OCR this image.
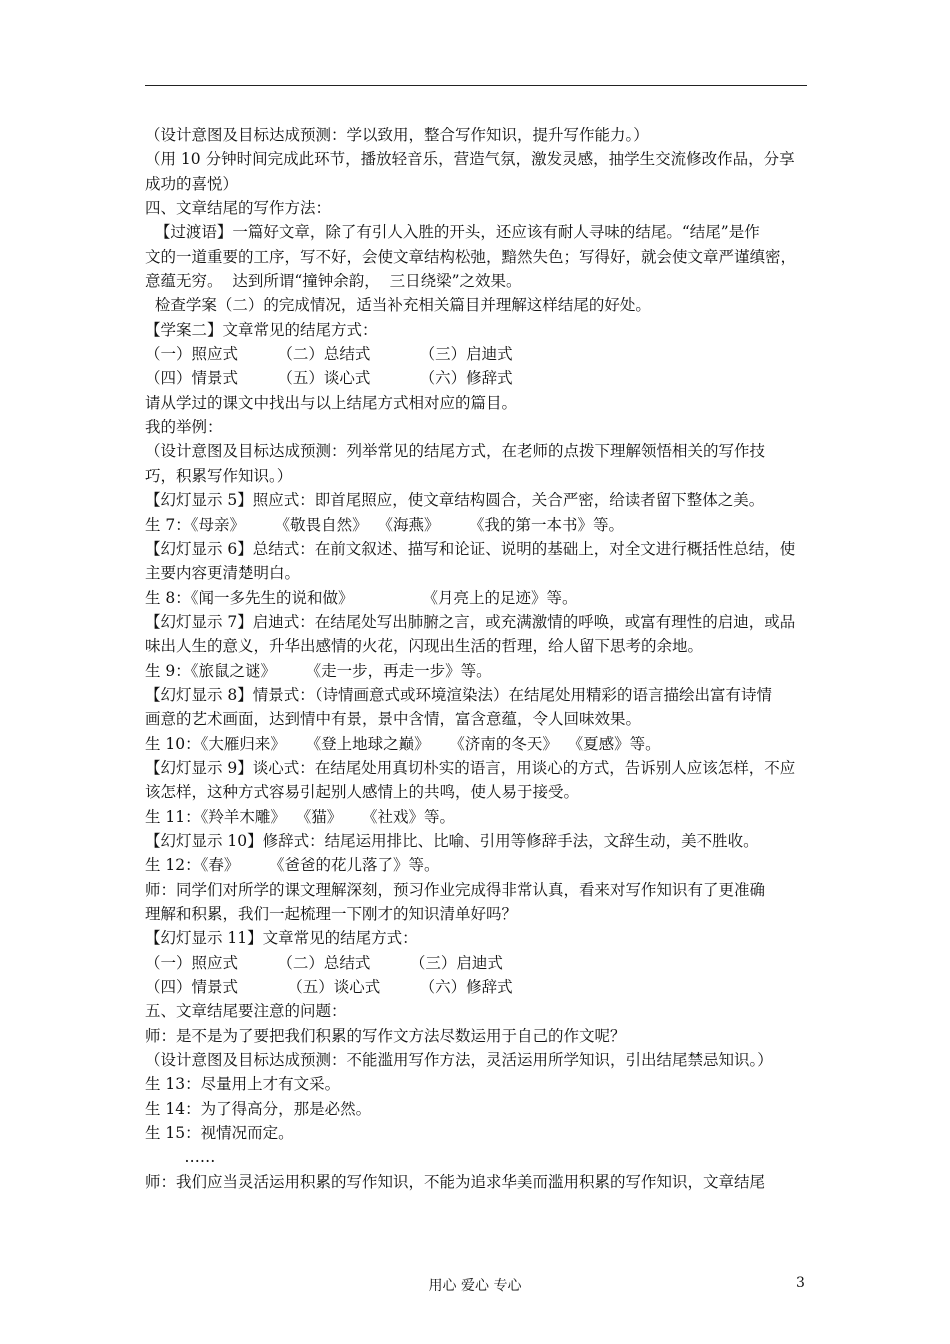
（设计意图及目标达成预测：学以致用，整合写作知识，提升写作能力。）
（用 10 分钟时间完成此环节，播放轻音乐，营造气氛，激发灵感，抽学生交流修改作品，分享
成功的喜悦）
四、文章结尾的写作方法：
【过渡语】一篇好文章，除了有引人入胜的开头，还应该有耐人寻味的结尾。“结尾”是作
文的一道重要的工序，写不好，会使文章结构松弛，黯然失色；写得好，就会使文章严谨缜密，
意蕴无穷。  达到所谓“撞钟余韵，  三日绕梁”之效果。
检查学案（二）的完成情况，适当补充相关篇目并理解这样结尾的好处。
【学案二】文章常见的结尾方式：
（一）照应式        （二）总结式          （三）启迪式
（四）情景式        （五）谈心式          （六）修辞式
请从学过的课文中找出与以上结尾方式相对应的篇目。
我的举例：
（设计意图及目标达成预测：列举常见的结尾方式，在老师的点拨下理解领悟相关的写作技
巧，积累写作知识。）
【幻灯显示 5】照应式：即首尾照应，使文章结构圆合，关合严密，给读者留下整体之美。
生 7：《母亲》      《敬畏自然》  《海燕》      《我的第一本书》等。
【幻灯显示 6】总结式：在前文叙述、描写和论证、说明的基础上，对全文进行概括性总结，使
主要内容更清楚明白。
生 8：《闻一多先生的说和做》              《月亮上的足迹》等。
【幻灯显示 7】启迪式：在结尾处写出肺腑之言，或充满激情的呼唤，或富有理性的启迪，或品
味出人生的意义，升华出感情的火花，闪现出生活的哲理，给人留下思考的余地。
生 9：《旅鼠之谜》      《走一步，再走一步》等。
【幻灯显示 8】情景式：（诗情画意式或环境渲染法）在结尾处用精彩的语言描绘出富有诗情
画意的艺术画面，达到情中有景，景中含情，富含意蕴，令人回味效果。
生 10：《大雁归来》    《登上地球之巅》    《济南的冬天》  《夏感》等。
【幻灯显示 9】谈心式：在结尾处用真切朴实的语言，用谈心的方式，告诉别人应该怎样，不应
该怎样，这种方式容易引起别人感情上的共鸣，使人易于接受。
生 11：《羚羊木雕》  《猫》    《社戏》等。
【幻灯显示 10】修辞式：结尾运用排比、比喻、引用等修辞手法，文辞生动，美不胜收。
生 12：《春》      《爸爸的花儿落了》等。
师：同学们对所学的课文理解深刻，预习作业完成得非常认真，看来对写作知识有了更准确
理解和积累，我们一起梳理一下刚才的知识清单好吗？
【幻灯显示 11】文章常见的结尾方式：
（一）照应式        （二）总结式        （三）启迪式
（四）情景式          （五）谈心式        （六）修辞式
五、文章结尾要注意的问题：
师：是不是为了要把我们积累的写作文方法尽数运用于自己的作文呢？
（设计意图及目标达成预测：不能滥用写作方法，灵活运用所学知识，引出结尾禁忌知识。）
生 13：尽量用上才有文采。
生 14：为了得高分，那是必然。
生 15：视情况而定。
……
师：我们应当灵活运用积累的写作知识，不能为追求华美而滥用积累的写作知识，文章结尾
用心 爱心 专心	3
